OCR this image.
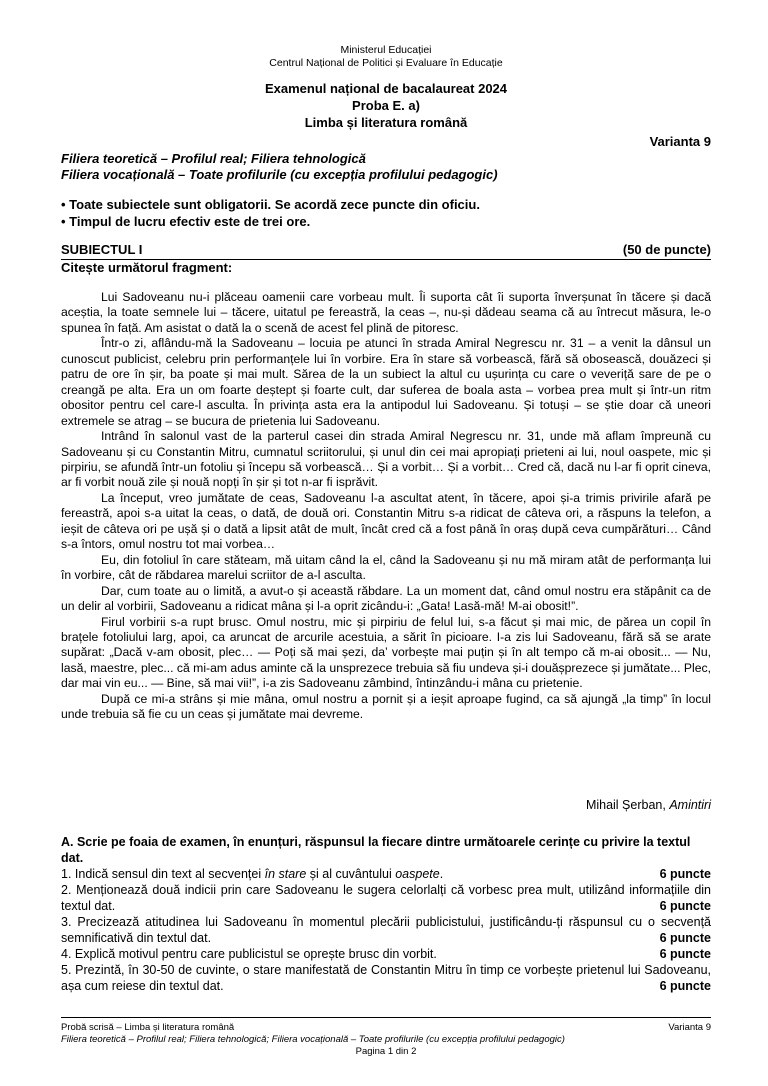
Ministerul Educației
Centrul Național de Politici și Evaluare în Educație
Examenul național de bacalaureat 2024
Proba E. a)
Limba și literatura română
Varianta 9
Filiera teoretică – Profilul real; Filiera tehnologică
Filiera vocațională – Toate profilurile (cu excepția profilului pedagogic)
• Toate subiectele sunt obligatorii. Se acordă zece puncte din oficiu.
• Timpul de lucru efectiv este de trei ore.
SUBIECTUL I	(50 de puncte)
Citește următorul fragment:

Lui Sadoveanu nu-i plăceau oamenii care vorbeau mult. Îi suporta cât îi suporta înverșunat în tăcere și dacă aceștia, la toate semnele lui – tăcere, uitatul pe fereastră, la ceas –, nu-și dădeau seama că au întrecut măsura, le-o spunea în față. Am asistat o dată la o scenă de acest fel plină de pitoresc.

Într-o zi, aflându-mă la Sadoveanu – locuia pe atunci în strada Amiral Negrescu nr. 31 – a venit la dânsul un cunoscut publicist, celebru prin performanțele lui în vorbire. Era în stare să vorbească, fără să obosească, douăzeci și patru de ore în șir, ba poate și mai mult. Sărea de la un subiect la altul cu ușurința cu care o veveriță sare de pe o creangă pe alta. Era un om foarte deștept și foarte cult, dar suferea de boala asta – vorbea prea mult și într-un ritm obositor pentru cel care-l asculta. În privința asta era la antipodul lui Sadoveanu. Și totuși – se știe doar că uneori extremele se atrag – se bucura de prietenia lui Sadoveanu.

Intrând în salonul vast de la parterul casei din strada Amiral Negrescu nr. 31, unde mă aflam împreună cu Sadoveanu și cu Constantin Mitru, cumnatul scriitorului, și unul din cei mai apropiați prieteni ai lui, noul oaspete, mic și pirpiriu, se afundă într-un fotoliu și începu să vorbească… Și a vorbit… Și a vorbit… Cred că, dacă nu l-ar fi oprit cineva, ar fi vorbit nouă zile și nouă nopți în șir și tot n-ar fi isprăvit.

La început, vreo jumătate de ceas, Sadoveanu l-a ascultat atent, în tăcere, apoi și-a trimis privirile afară pe fereastră, apoi s-a uitat la ceas, o dată, de două ori. Constantin Mitru s-a ridicat de câteva ori, a răspuns la telefon, a ieșit de câteva ori pe ușă și o dată a lipsit atât de mult, încât cred că a fost până în oraș după ceva cumpărături… Când s-a întors, omul nostru tot mai vorbea…

Eu, din fotoliul în care stăteam, mă uitam când la el, când la Sadoveanu și nu mă miram atât de performanța lui în vorbire, cât de răbdarea marelui scriitor de a-l asculta.

Dar, cum toate au o limită, a avut-o și această răbdare. La un moment dat, când omul nostru era stăpânit ca de un delir al vorbirii, Sadoveanu a ridicat mâna și l-a oprit zicându-i: „Gata! Lasă-mă! M-ai obosit!”.

Firul vorbirii s-a rupt brusc. Omul nostru, mic și pirpiriu de felul lui, s-a făcut și mai mic, de părea un copil în brațele fotoliului larg, apoi, ca aruncat de arcurile acestuia, a sărit în picioare. I-a zis lui Sadoveanu, fără să se arate supărat: „Dacă v-am obosit, plec… — Poți să mai șezi, da’ vorbește mai puțin și în alt tempo că m-ai obosit... — Nu, lasă, maestre, plec... că mi-am adus aminte că la unsprezece trebuia să fiu undeva și-i douășprezece și jumătate... Plec, dar mai vin eu... — Bine, să mai vii!”, i-a zis Sadoveanu zâmbind, întinzându-i mâna cu prietenie.

După ce mi-a strâns și mie mâna, omul nostru a pornit și a ieșit aproape fugind, ca să ajungă „la timp” în locul unde trebuia să fie cu un ceas și jumătate mai devreme.

Mihail Șerban, Amintiri
A. Scrie pe foaia de examen, în enunțuri, răspunsul la fiecare dintre următoarele cerințe cu privire la textul dat.
1. Indică sensul din text al secvenței în stare și al cuvântului oaspete.	6 puncte
2. Menționează două indicii prin care Sadoveanu le sugera celorlalți că vorbesc prea mult, utilizând informațiile din textul dat.	6 puncte
3. Precizează atitudinea lui Sadoveanu în momentul plecării publicistului, justificându-ți răspunsul cu o secvență semnificativă din textul dat.	6 puncte
4. Explică motivul pentru care publicistul se oprește brusc din vorbit.	6 puncte
5. Prezintă, în 30-50 de cuvinte, o stare manifestată de Constantin Mitru în timp ce vorbește prietenul lui Sadoveanu, așa cum reiese din textul dat.	6 puncte
Probă scrisă – Limba și literatura română	Varianta 9
Filiera teoretică – Profilul real; Filiera tehnologică; Filiera vocațională – Toate profilurile (cu excepția profilului pedagogic)
Pagina 1 din 2
